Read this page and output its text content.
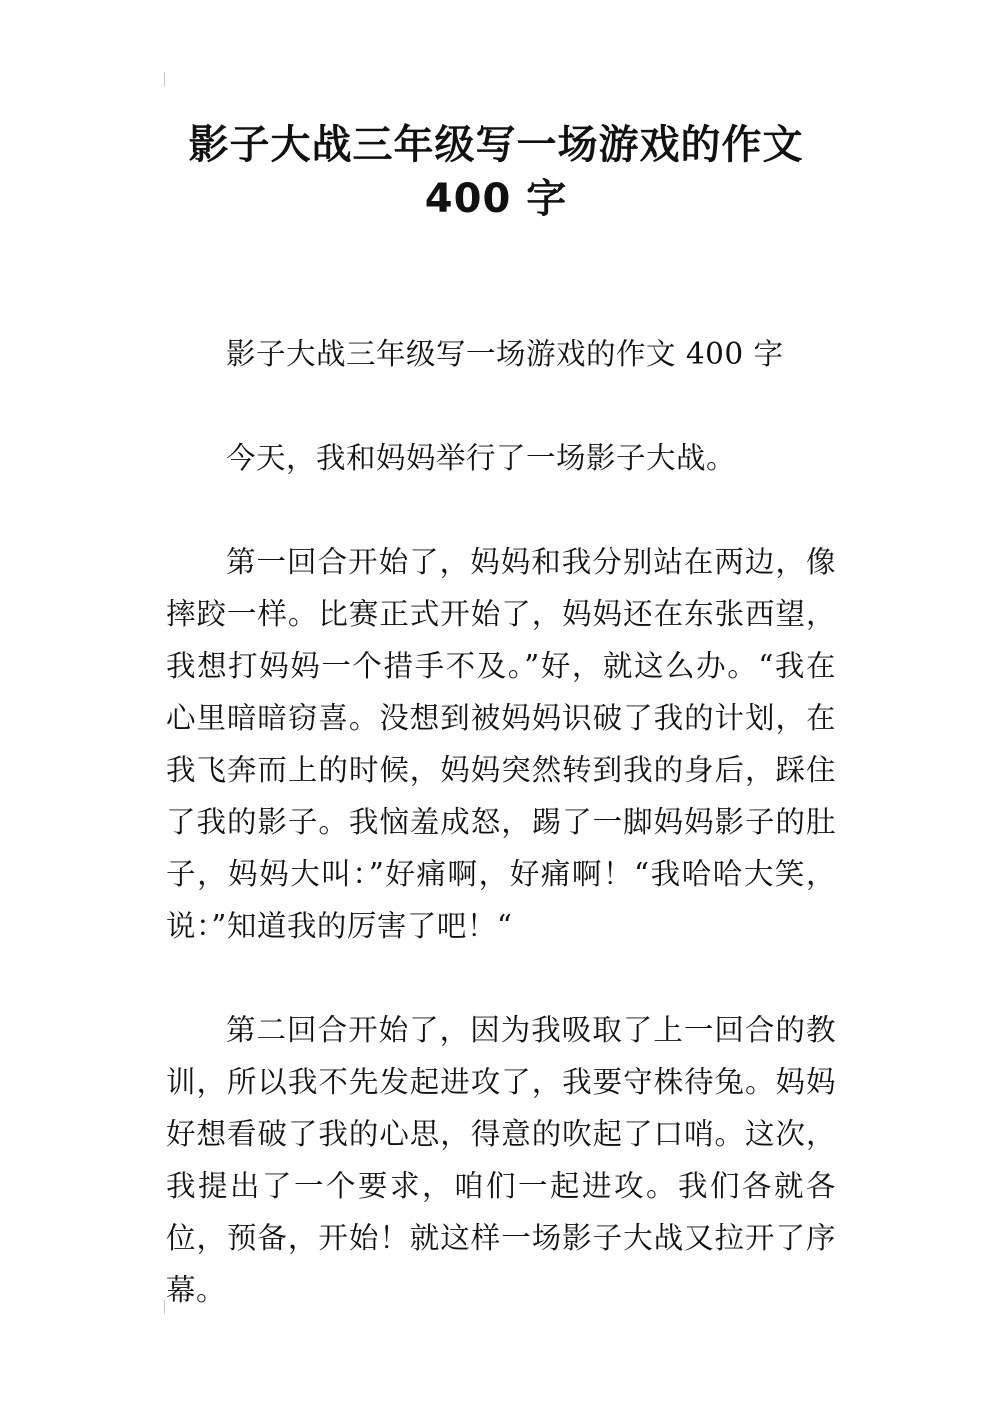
影子大战三年级写一场游戏的作文
400 字

影子大战三年级写一场游戏的作文 400 字

今天，我和妈妈举行了一场影子大战。

第一回合开始了，妈妈和我分别站在两边，像摔跤一样。比赛正式开始了，妈妈还在东张西望，我想打妈妈一个措手不及。”好，就这么办。“我在心里暗暗窃喜。没想到被妈妈识破了我的计划，在我飞奔而上的时候，妈妈突然转到我的身后，踩住了我的影子。我恼羞成怒，踢了一脚妈妈影子的肚子，妈妈大叫：”好痛啊，好痛啊！“我哈哈大笑，说：”知道我的厉害了吧！“

第二回合开始了，因为我吸取了上一回合的教训，所以我不先发起进攻了，我要守株待兔。妈妈好想看破了我的心思，得意的吹起了口哨。这次，我提出了一个要求，咱们一起进攻。我们各就各位，预备，开始！就这样一场影子大战又拉开了序幕。
